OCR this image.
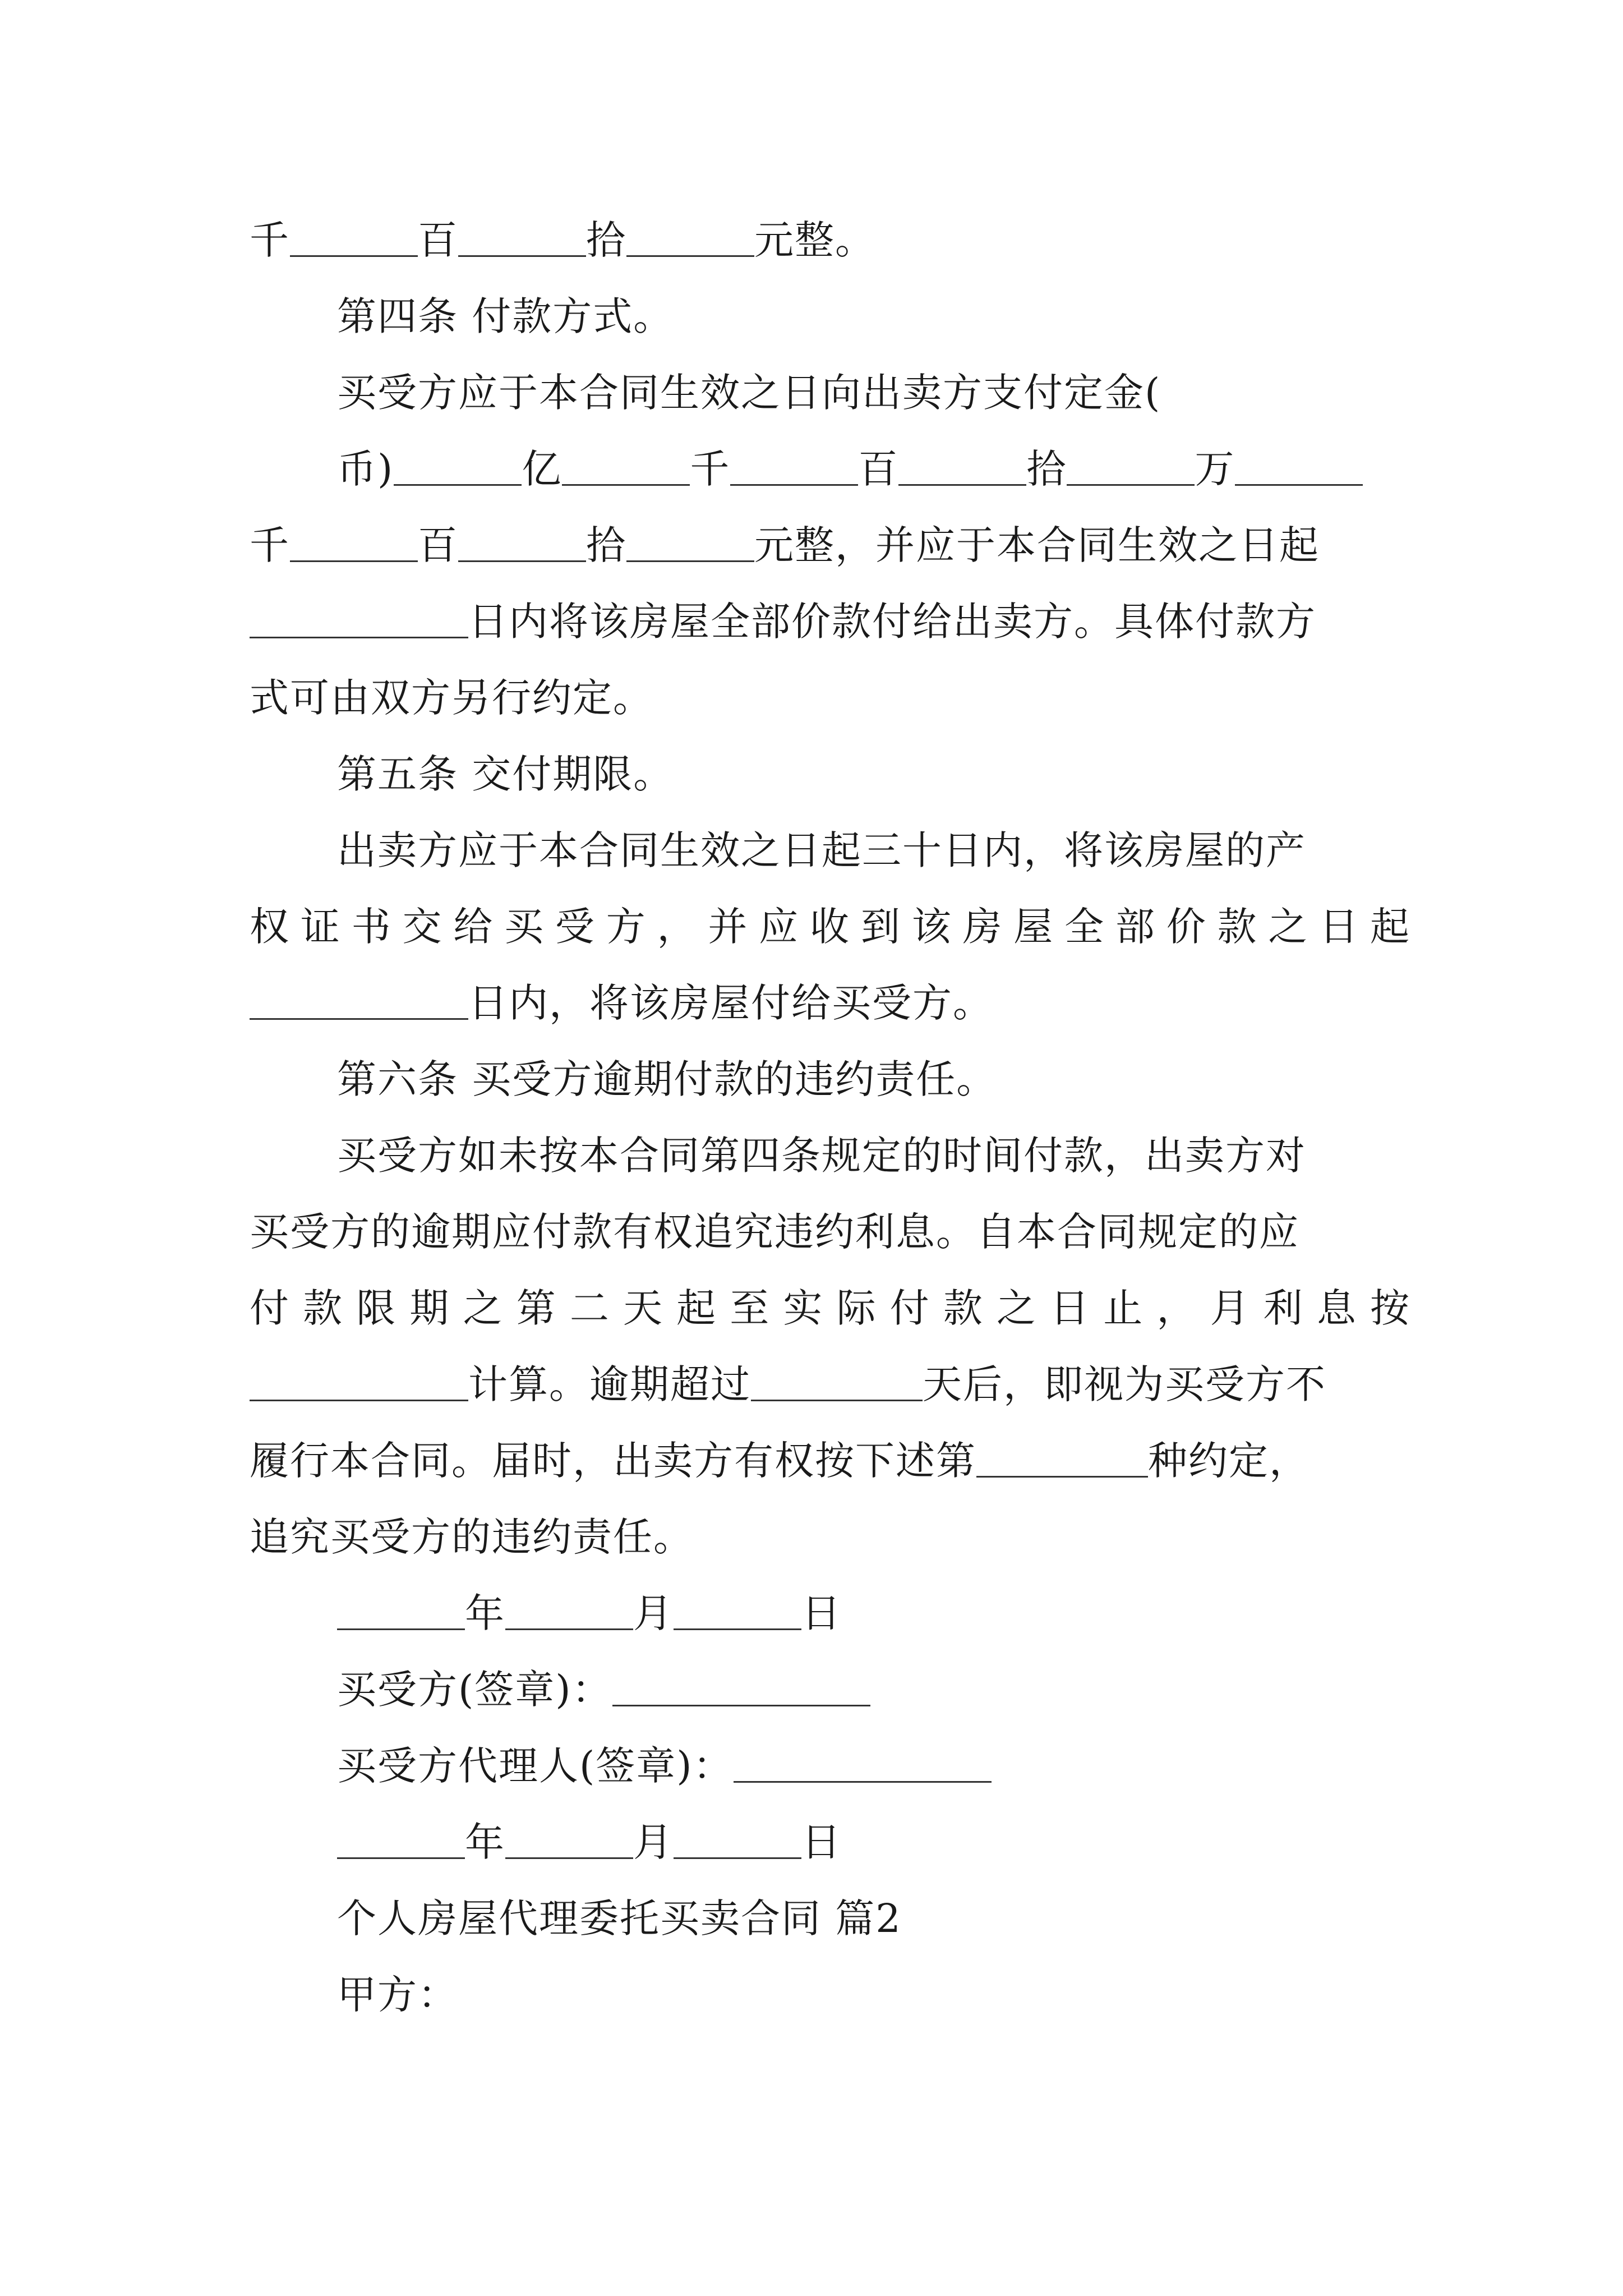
千	百	拾	元整。
第四条 付款方式。
买受方应于本合同生效之日向出卖方支付定金(
币)	亿	千	百	拾	万
千	百	拾	元整，并应于本合同生效之日起
日内将该房屋全部价款付给出卖方。具体付款方
式可由双方另行约定。
第五条 交付期限。
出卖方应于本合同生效之日起三十日内，将该房屋的产
权证书交给买受方，并应收到该房屋全部价款之日起
日内，将该房屋付给买受方。
第六条 买受方逾期付款的违约责任。
买受方如未按本合同第四条规定的时间付款，出卖方对
买受方的逾期应付款有权追究违约利息。自本合同规定的应
付款限期之第二天起至实际付款之日止，月利息按
计算。逾期超过	天后，即视为买受方不
履行本合同。届时，出卖方有权按下述第	种约定，
追究买受方的违约责任。
年	月	日
买受方(签章)：
买受方代理人(签章)：
年	月	日
个人房屋代理委托买卖合同 篇2
甲方：
